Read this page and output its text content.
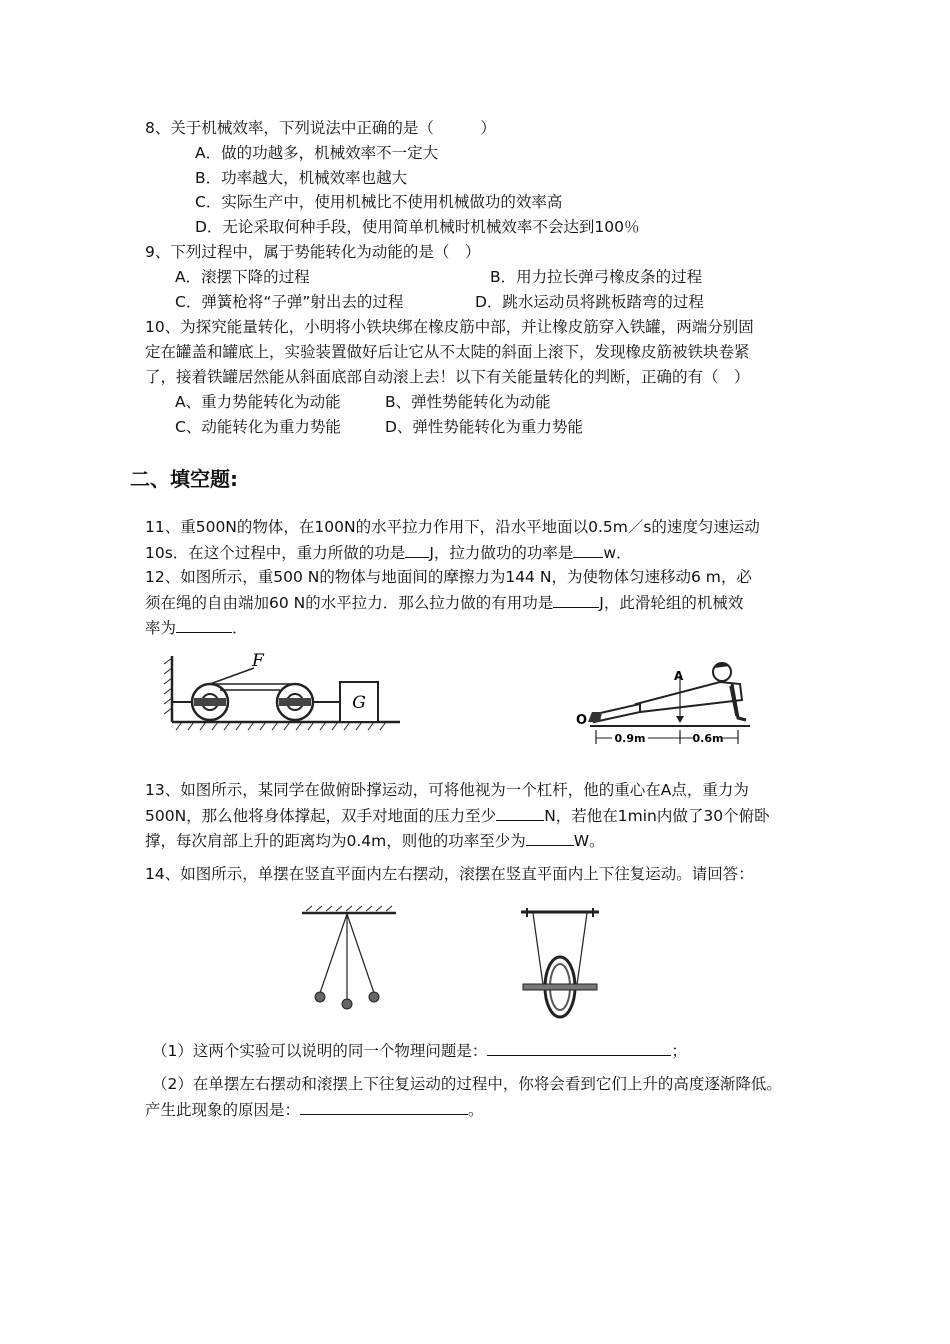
8、关于机械效率，下列说法中正确的是（　　　）
A．做的功越多，机械效率不一定大
B．功率越大，机械效率也越大
C．实际生产中，使用机械比不使用机械做功的效率高
D．无论采取何种手段，使用简单机械时机械效率不会达到100％
9、下列过程中，属于势能转化为动能的是（　）
A．滚摆下降的过程	B．用力拉长弹弓橡皮条的过程
C．弹簧枪将“子弹”射出去的过程	D．跳水运动员将跳板踏弯的过程
10、为探究能量转化，小明将小铁块绑在橡皮筋中部，并让橡皮筋穿入铁罐，两端分别固
定在罐盖和罐底上，实验装置做好后让它从不太陡的斜面上滚下，发现橡皮筋被铁块卷紧
了，接着铁罐居然能从斜面底部自动滚上去！以下有关能量转化的判断，正确的有（　）
A、重力势能转化为动能	B、弹性势能转化为动能
C、动能转化为重力势能	D、弹性势能转化为重力势能
二、填空题:
11、重500N的物体，在100N的水平拉力作用下，沿水平地面以0.5m／s的速度匀速运动
10s．在这个过程中，重力所做的功是 J，拉力做功的功率是 w．
12、如图所示，重500 N的物体与地面间的摩擦力为144 N，为使物体匀速移动6 m，必
须在绳的自由端加60 N的水平拉力．那么拉力做的有用功是	J，此滑轮组的机械效
率为	．
G
F
0.9m	0.6m
A
O
13、如图所示，某同学在做俯卧撑运动，可将他视为一个杠杆，他的重心在A点，重力为
500N，那么他将身体撑起，双手对地面的压力至少	N，若他在1min内做了30个俯卧
撑，每次肩部上升的距离均为0.4m，则他的功率至少为	W。
14、如图所示，单摆在竖直平面内左右摆动，滚摆在竖直平面内上下往复运动。请回答：
（1）这两个实验可以说明的同一个物理问题是：	；
（2）在单摆左右摆动和滚摆上下往复运动的过程中，你将会看到它们上升的高度逐渐降低。
产生此现象的原因是：	。
